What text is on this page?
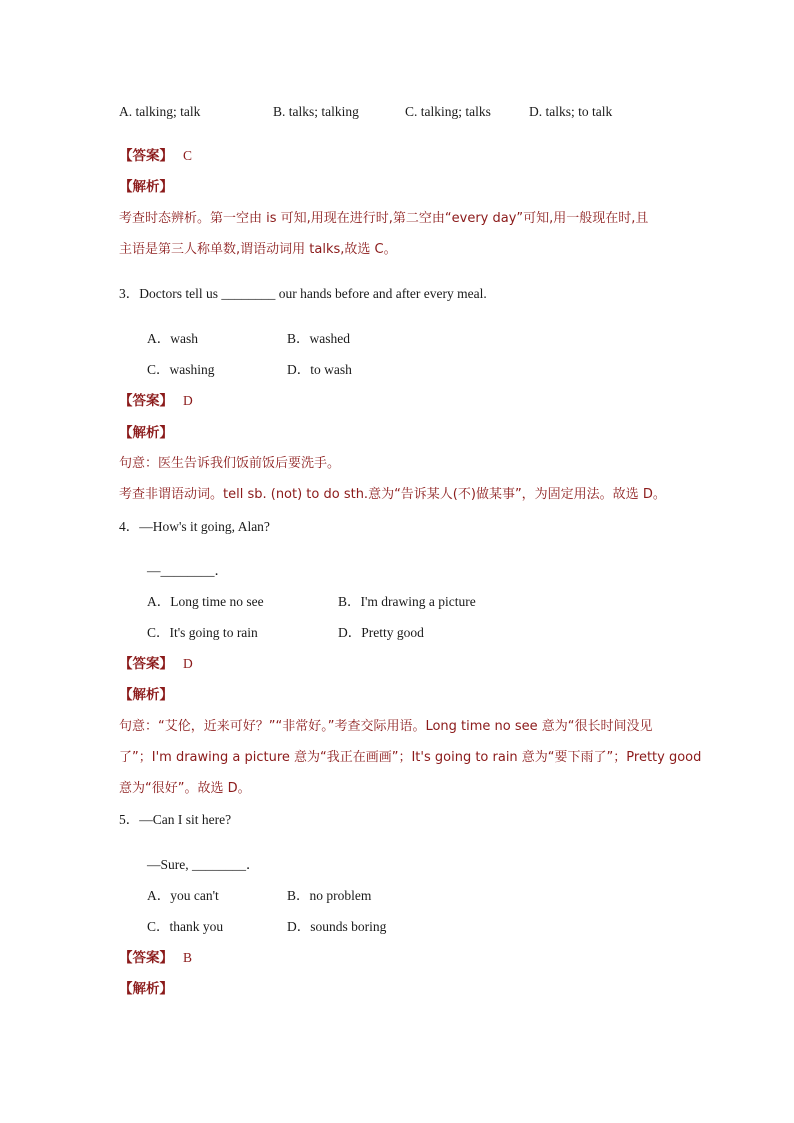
A. talking; talk	B. talks; talking	C. talking; talks	D. talks; to talk
【答案】 C
【解析】
考查时态辨析。第一空由 is 可知,用现在进行时,第二空由“every day”可知,用一般现在时,且
主语是第三人称单数,谓语动词用 talks,故选 C。
3．Doctors tell us ________ our hands before and after every meal.
A．wash	B．washed
C．washing	D．to wash
【答案】 D
【解析】
句意：医生告诉我们饭前饭后要洗手。
考查非谓语动词。tell sb. (not) to do sth.意为“告诉某人(不)做某事”，为固定用法。故选 D。
4．—How's it going, Alan?
—________．
A．Long time no see	B．I'm drawing a picture
C．It's going to rain	D．Pretty good
【答案】 D
【解析】
句意：“艾伦，近来可好？”“非常好。”考查交际用语。Long time no see 意为“很长时间没见
了”；I'm drawing a picture 意为“我正在画画”；It's going to rain 意为“要下雨了”；Pretty good
意为“很好”。故选 D。
5．—Can I sit here?
—Sure, ________．
A．you can't	B．no problem
C．thank you	D．sounds boring
【答案】 B
【解析】
